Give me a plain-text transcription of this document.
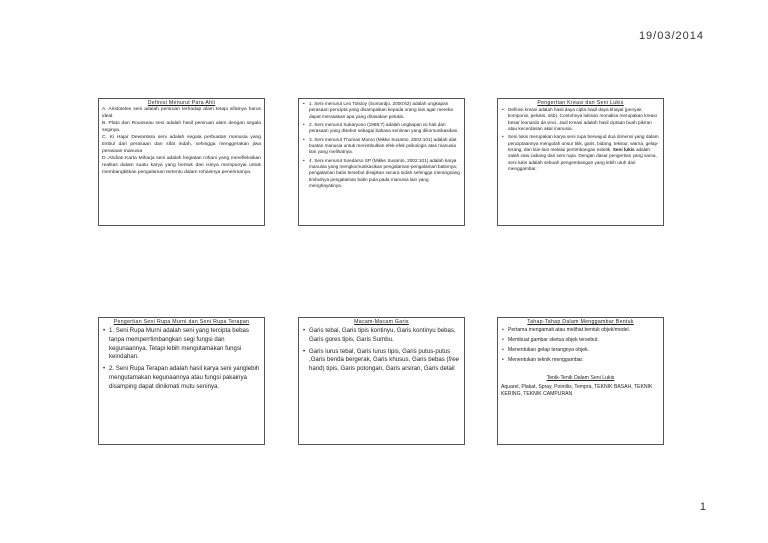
19/03/2014
Definisi Menurut Para Ahli

A. Aristoteles seni adalah peniruan terhadap alam tetapi sifatnya harus ideal.

B. Plato dan Rousseau seni adalah hasil peniruan alam dengan segala seginya.

C. Ki Hajar Dewantara seni adalah segala perbuatan manusia yang timbul dari perasaan dan sifat indah, sehingga menggerakan jiwa perasaan manusia

D. Ahdian Karta Miharja seni adalah kegiatan rohani yang merefleksikan realitas dalam suatu karya yang bentuk dan isinya mempunyai untuk membangkitkan pengalaman tertentu dalam rohaninya penerimanya.

• 1. Seni menurut Leo Tolstoy (Sumardjo, 2000:62) adalah ungkapan perasaan pencipta yang disampaikan kepada orang lain agar mereka dapat merasakan apa yang dirasakan pelukis.
• 2. Seni menurut Sukaryono (1988:7) adalah ungkapan isi hati dan perasaan yang disebut sebagai bahasa seniman yang dikomunikasikan.
• 3. Seni menurut Thomas Munro (Mikke Susanto, 2002:101) adalah alat buatan manusia untuk menimbulkan efek-efek psikologis atas manusia lain yang melihatnya.
• 4. Seni menurut Soedarso SP (Mikke Susanto, 2002:101) adalah karya manusia yang mengkomunikasikan pengalaman-pengalaman batinnya; pengalaman batin tersebut disajikan secara indah sehingga merangsang timbulnya pengalaman batin pula pada manusia lain yang menghayatinya.
Pengertian Kreasi dan Seni Lukis
• Definisi kreasi adalah hasil daya cipta hasil daya khayal (penyair, komponis, pelukis, dsb). Contohnya lukisan monalisa merupakan kreasi besar leonardo da vinci. Jadi Kreasi adalah hasil ciptaan buah pikiran atau kecerdasan akal manusia.
• Seni lukis merupakan karya seni rupa berwujud dua dimensi yang dalam penciptaannya mengolah unsur titik, garis, bidang, tekstur, warna, gelap-terang, dan lain-lain melalui pertimbangan estetik. Seni lukis adalah salah satu cabang dari seni rupa. Dengan dasar pengertian yang sama, seni lukis adalah sebuah pengembangan yang lebih utuh dari menggambar.
Pengertian Seni Rupa Murni dan Seni Rupa Terapan
• 1. Seni Rupa Murni adalah seni yang tercipta bebas tanpa memperrtimbangkan segi fungsi dan kegunaannya. Tetapi lebih mengutamakan fungsi keindahan.
• 2. Seni Rupa Terapan adalah hasil karya seni yanglebih mengutamakan kegunaannya atau fungsi pakainya disamping dapat dinikmati mutu seninya.
Macam-Macam Garis
• Garis tebal, Garis tipis kontinyu, Garis kontinyu bebas, Garis gores tipis, Garis Sumbu.
• Garis lurus tebal, Garis lurus tipis, Garis putus-putus ,Garis benda bergerak, Garis khusus, Garis bebas (free hand) tipis, Garis potongan, Garis arsiran, Garis detail
Tahap-Tahap Dalam Menggambar Bentuk
• Pertama mengamati atau melihat bentuk objek/model.
• Membuat gambar sketsa objek tersebut.
• Menentukan gelap terangnya objek.
• Menentukan teknik menggambar.
Tenik-Tenik Dalam Seni Lukis
Aquarel, Plakat, Spray, Pointilis, Tempra, TEKNIK BASAH, TEKNIK KERING, TEKNIK CAMPURAN
1
